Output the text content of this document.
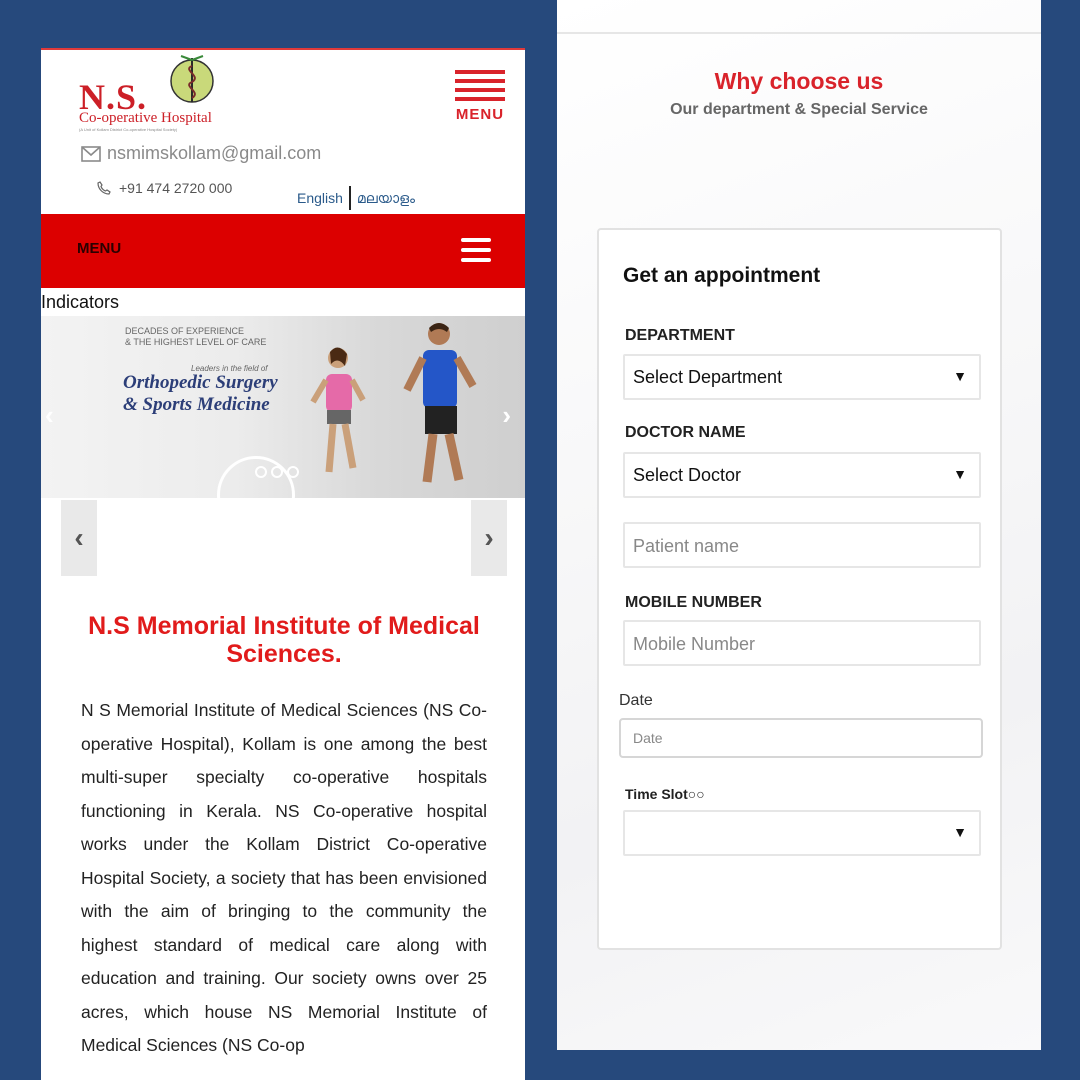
N.S.
Co-operative Hospital
(A Unit of Kollam District Co-operative Hospital Society)
MENU
nsmimskollam@gmail.com
+91 474 2720 000
English മലയാളം
MENU
Indicators
DECADES OF EXPERIENCE
& THE HIGHEST LEVEL OF CARE
Leaders in the field of
Orthopedic Surgery
& Sports Medicine
‹	›
‹	›
N.S Memorial Institute of Medical Sciences.
N S Memorial Institute of Medical Sciences (NS Co-operative Hospital), Kollam is one among the best multi-super specialty co-operative hospitals functioning in Kerala. NS Co-operative hospital works under the Kollam District Co-operative Hospital Society, a society that has been envisioned with the aim of bringing to the community the highest standard of medical care along with education and training. Our society owns over 25 acres, which house NS Memorial Institute of Medical Sciences (NS Co-op
Why choose us
Our department & Special Service
Get an appointment
DEPARTMENT
Select Department	▼
DOCTOR NAME
Select Doctor	▼
Patient name
MOBILE NUMBER
Mobile Number
Date
Date
Time Slot○○
▼
